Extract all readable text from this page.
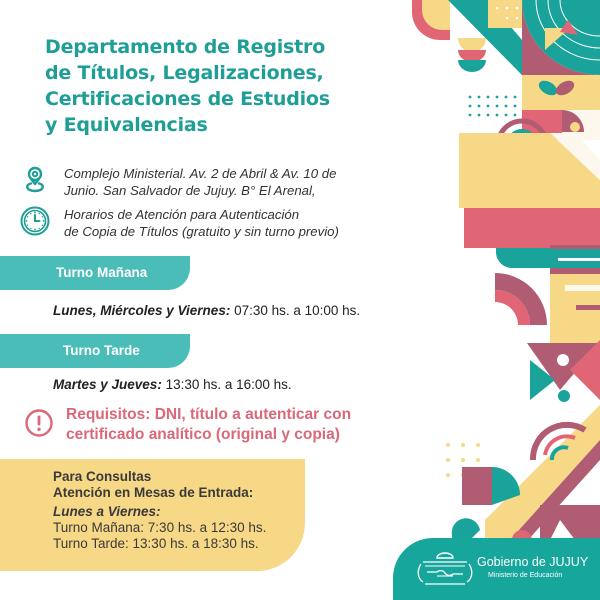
Departamento de Registro
de Títulos, Legalizaciones,
Certificaciones de Estudios
y Equivalencias
Complejo Ministerial. Av. 2 de Abril & Av. 10 de
Junio. San Salvador de Jujuy. B° El Arenal,
Horarios de Atención para Autenticación
de Copia de Títulos (gratuito y sin turno previo)
Turno Mañana
Lunes, Miércoles y Viernes: 07:30 hs. a 10:00 hs.
Turno Tarde
Martes y Jueves: 13:30 hs. a 16:00 hs.
Requisitos: DNI, título a autenticar con
certificado analítico (original y copia)
Para Consultas
Atención en Mesas de Entrada:
Lunes a Viernes:
Turno Mañana: 7:30 hs. a 12:30 hs.
Turno Tarde: 13:30 hs. a 18:30 hs.
Gobierno de JUJUY
Ministerio de Educación
